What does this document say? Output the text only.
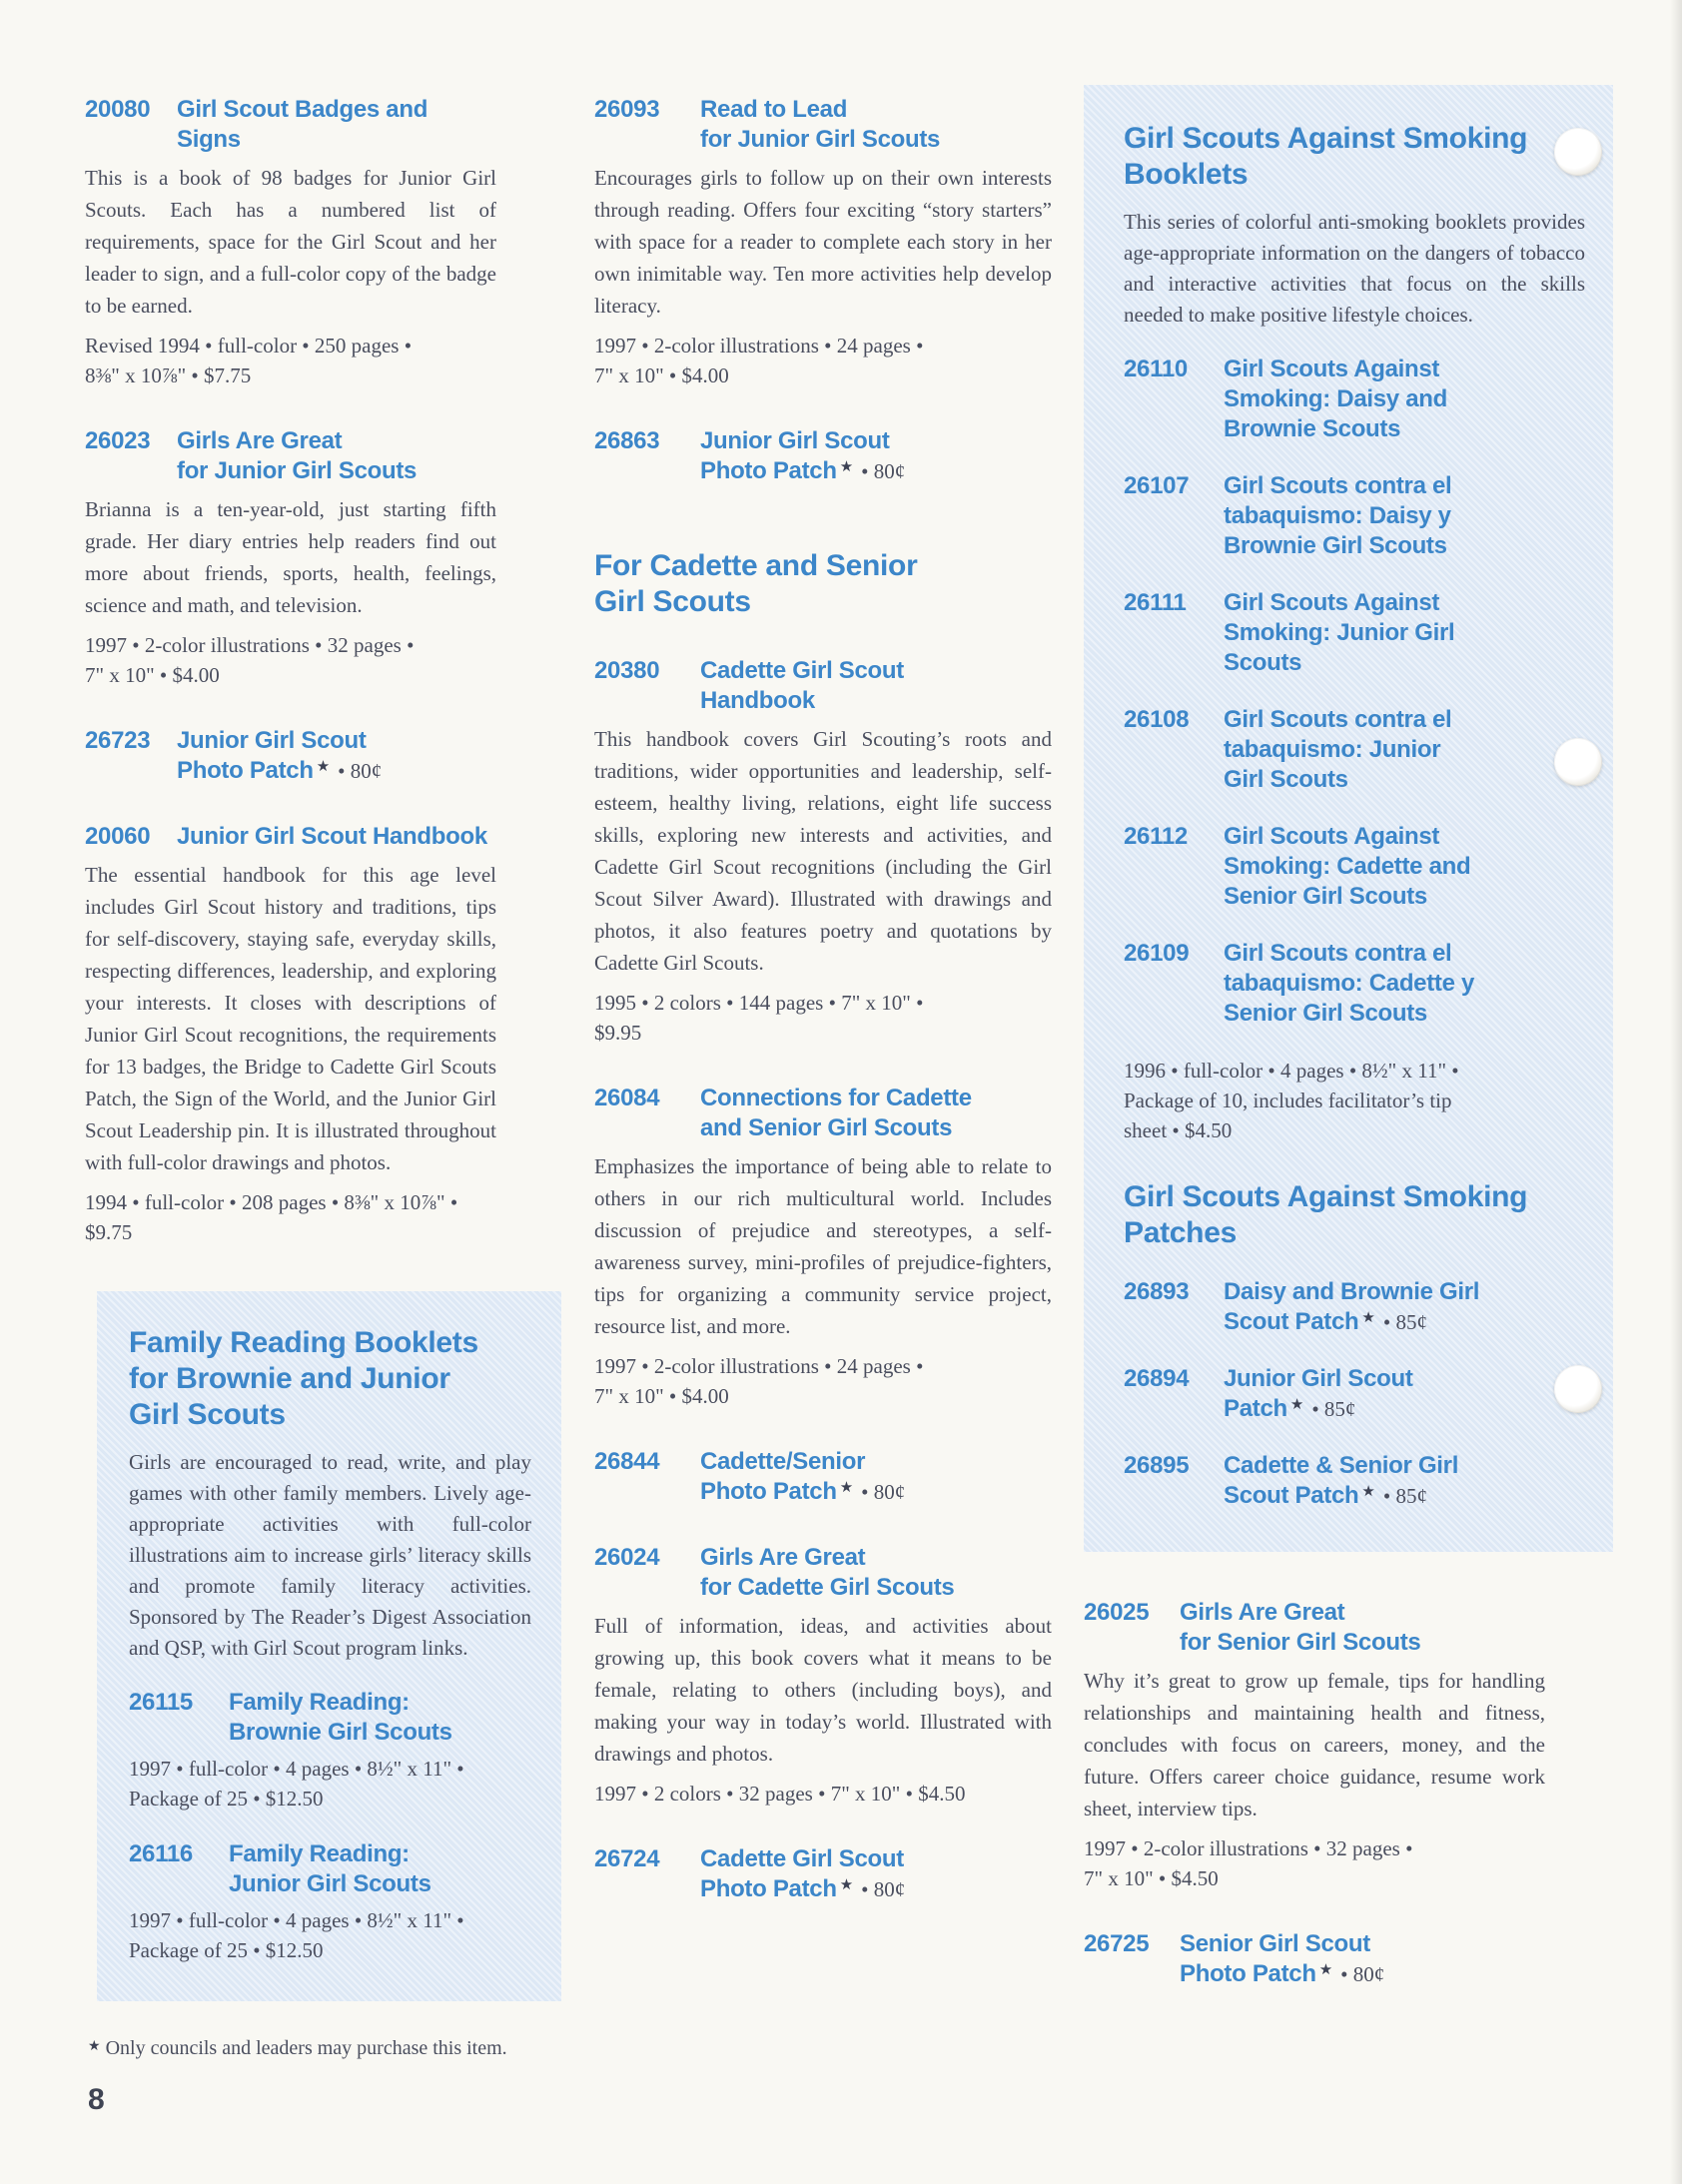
20080	Girl Scout Badges and Signs

This is a book of 98 badges for Junior Girl Scouts. Each has a numbered list of requirements, space for the Girl Scout and her leader to sign, and a full-color copy of the badge to be earned.

Revised 1994 • full-color • 250 pages •
8⅜" x 10⅞" • $7.75

26023	Girls Are Great
for Junior Girl Scouts

Brianna is a ten-year-old, just starting fifth grade. Her diary entries help readers find out more about friends, sports, health, feelings, science and math, and television.

1997 • 2-color illustrations • 32 pages •
7" x 10" • $4.00

26723	Junior Girl Scout
Photo Patch ★ • 80¢
20060	Junior Girl Scout Handbook

The essential handbook for this age level includes Girl Scout history and traditions, tips for self-discovery, staying safe, everyday skills, respecting differences, leadership, and exploring your interests. It closes with descriptions of Junior Girl Scout recognitions, the requirements for 13 badges, the Bridge to Cadette Girl Scouts Patch, the Sign of the World, and the Junior Girl Scout Leadership pin. It is illustrated throughout with full-color drawings and photos.

1994 • full-color • 208 pages • 8⅜" x 10⅞" •
$9.75

Family Reading Booklets
for Brownie and Junior
Girl Scouts

Girls are encouraged to read, write, and play games with other family members. Lively age-appropriate activities with full-color illustrations aim to increase girls’ literacy skills and promote family literacy activities. Sponsored by The Reader’s Digest Association and QSP, with Girl Scout program links.

26115	Family Reading:
Brownie Girl Scouts

1997 • full-color • 4 pages • 8½" x 11" •
Package of 25 • $12.50

26116	Family Reading:
Junior Girl Scouts

1997 • full-color • 4 pages • 8½" x 11" •
Package of 25 • $12.50

26093	Read to Lead
for Junior Girl Scouts

Encourages girls to follow up on their own interests through reading. Offers four exciting “story starters” with space for a reader to complete each story in her own inimitable way. Ten more activities help develop literacy.

1997 • 2-color illustrations • 24 pages •
7" x 10" • $4.00

26863	Junior Girl Scout
Photo Patch ★ • 80¢
For Cadette and Senior
Girl Scouts
20380	Cadette Girl Scout
Handbook

This handbook covers Girl Scouting’s roots and traditions, wider opportunities and leadership, self-esteem, healthy living, relations, eight life success skills, exploring new interests and activities, and Cadette Girl Scout recognitions (including the Girl Scout Silver Award). Illustrated with drawings and photos, it also features poetry and quotations by Cadette Girl Scouts.

1995 • 2 colors • 144 pages • 7" x 10" •
$9.95

26084	Connections for Cadette
and Senior Girl Scouts

Emphasizes the importance of being able to relate to others in our rich multicultural world. Includes discussion of prejudice and stereotypes, a self-awareness survey, mini-profiles of prejudice-fighters, tips for organizing a community service project, resource list, and more.

1997 • 2-color illustrations • 24 pages •
7" x 10" • $4.00

26844	Cadette/Senior
Photo Patch ★ • 80¢
26024	Girls Are Great
for Cadette Girl Scouts

Full of information, ideas, and activities about growing up, this book covers what it means to be female, relating to others (including boys), and making your way in today’s world. Illustrated with drawings and photos.

1997 • 2 colors • 32 pages • 7" x 10" • $4.50

26724	Cadette Girl Scout
Photo Patch ★ • 80¢
Girl Scouts Against Smoking
Booklets

This series of colorful anti-smoking booklets provides age-appropriate information on the dangers of tobacco and interactive activities that focus on the skills needed to make positive lifestyle choices.

26110	Girl Scouts Against
Smoking: Daisy and
Brownie Scouts
26107	Girl Scouts contra el
tabaquismo: Daisy y
Brownie Girl Scouts
26111	Girl Scouts Against
Smoking: Junior Girl
Scouts
26108	Girl Scouts contra el
tabaquismo: Junior
Girl Scouts
26112	Girl Scouts Against
Smoking: Cadette and
Senior Girl Scouts
26109	Girl Scouts contra el
tabaquismo: Cadette y
Senior Girl Scouts

1996 • full-color • 4 pages • 8½" x 11" •
Package of 10, includes facilitator’s tip
sheet • $4.50

Girl Scouts Against Smoking
Patches
26893	Daisy and Brownie Girl
Scout Patch ★ • 85¢
26894	Junior Girl Scout
Patch ★ • 85¢
26895	Cadette & Senior Girl
Scout Patch ★ • 85¢
26025	Girls Are Great
for Senior Girl Scouts

Why it’s great to grow up female, tips for handling relationships and maintaining health and fitness, concludes with focus on careers, money, and the future. Offers career choice guidance, resume work sheet, interview tips.

1997 • 2-color illustrations • 32 pages •
7" x 10" • $4.50

26725	Senior Girl Scout
Photo Patch ★ • 80¢

★ Only councils and leaders may purchase this item.

8
